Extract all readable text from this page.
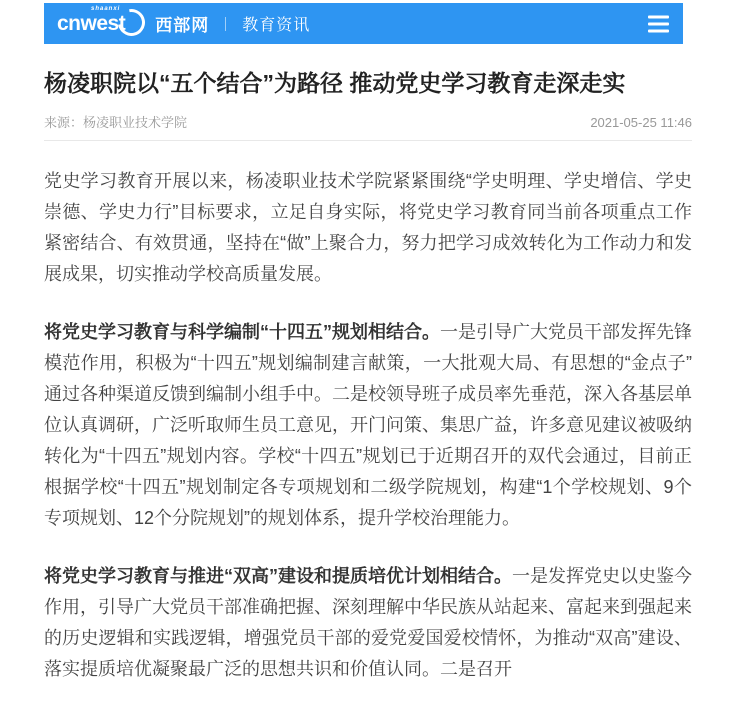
shaanxi
cnwest	西部网 教育资讯
杨凌职院以“五个结合”为路径 推动党史学习教育走深走实
来源：杨凌职业技术学院	2021-05-25 11:46

党史学习教育开展以来，杨凌职业技术学院紧紧围绕“学史明理、学史增信、学史崇德、学史力行”目标要求，立足自身实际，将党史学习教育同当前各项重点工作紧密结合、有效贯通，坚持在“做”上聚合力，努力把学习成效转化为工作动力和发展成果，切实推动学校高质量发展。

将党史学习教育与科学编制“十四五”规划相结合。一是引导广大党员干部发挥先锋模范作用，积极为“十四五”规划编制建言献策，一大批观大局、有思想的“金点子”通过各种渠道反馈到编制小组手中。二是校领导班子成员率先垂范，深入各基层单位认真调研，广泛听取师生员工意见，开门问策、集思广益，许多意见建议被吸纳转化为“十四五”规划内容。学校“十四五”规划已于近期召开的双代会通过，目前正根据学校“十四五”规划制定各专项规划和二级学院规划，构建“1个学校规划、9个专项规划、12个分院规划”的规划体系，提升学校治理能力。

将党史学习教育与推进“双高”建设和提质培优计划相结合。一是发挥党史以史鉴今作用，引导广大党员干部准确把握、深刻理解中华民族从站起来、富起来到强起来的历史逻辑和实践逻辑，增强党员干部的爱党爱国爱校情怀，为推动“双高”建设、落实提质培优凝聚最广泛的思想共识和价值认同。二是召开
